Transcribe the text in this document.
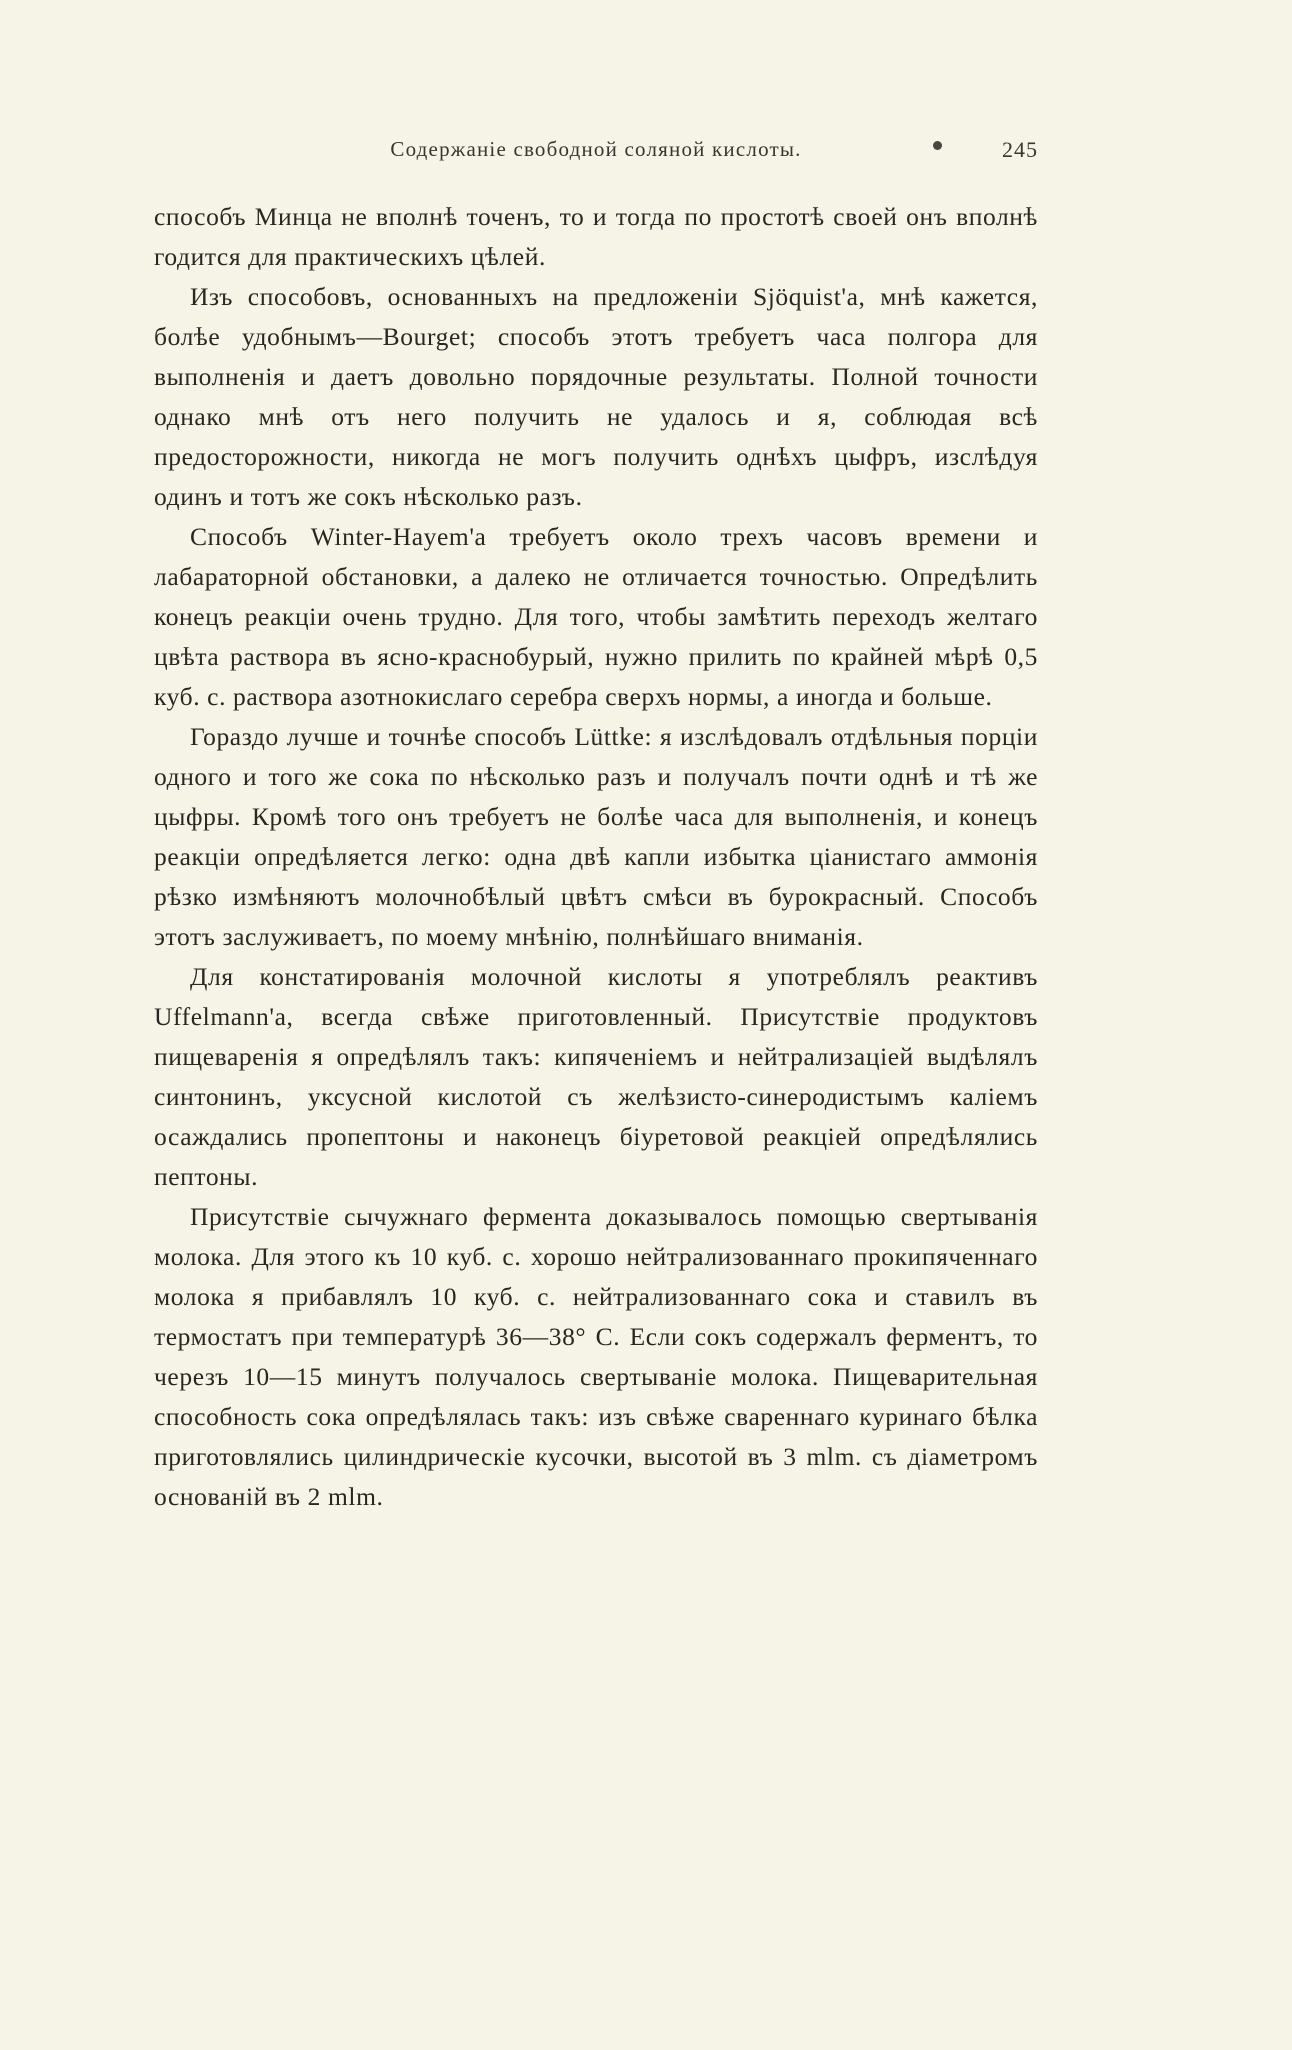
Содержаніе свободной соляной кислоты.	245

способъ Минца не вполнѣ точенъ, то и тогда по простотѣ своей онъ вполнѣ годится для практическихъ цѣлей.

Изъ способовъ, основанныхъ на предложеніи Sjöquist'a, мнѣ кажется, болѣе удобнымъ—Bourget; способъ этотъ требуетъ часа полгора для выполненія и даетъ довольно порядочные результаты. Полной точности однако мнѣ отъ него получить не удалось и я, соблюдая всѣ предосторожности, никогда не могъ получить однѣхъ цыфръ, изслѣдуя одинъ и тотъ же сокъ нѣсколько разъ.

Способъ Winter-Hayem'a требуетъ около трехъ часовъ времени и лабараторной обстановки, а далеко не отличается точностью. Опредѣлить конецъ реакціи очень трудно. Для того, чтобы замѣтить переходъ желтаго цвѣта раствора въ ясно-краснобурый, нужно прилить по крайней мѣрѣ 0,5 куб. с. раствора азотнокислаго серебра сверхъ нормы, а иногда и больше.

Гораздо лучше и точнѣе способъ Lüttke: я изслѣдовалъ отдѣльныя порціи одного и того же сока по нѣсколько разъ и получалъ почти однѣ и тѣ же цыфры. Кромѣ того онъ требуетъ не болѣе часа для выполненія, и конецъ реакціи опредѣляется легко: одна двѣ капли избытка ціанистаго аммонія рѣзко измѣняютъ молочнобѣлый цвѣтъ смѣси въ бурокрасный. Способъ этотъ заслуживаетъ, по моему мнѣнію, полнѣйшаго вниманія.

Для констатированія молочной кислоты я употреблялъ реактивъ Uffelmann'a, всегда свѣже приготовленный. Присутствіе продуктовъ пищеваренія я опредѣлялъ такъ: кипяченіемъ и нейтрализаціей выдѣлялъ синтонинъ, уксусной кислотой съ желѣзисто-синеродистымъ каліемъ осаждались пропептоны и наконецъ біуретовой реакціей опредѣлялись пептоны.

Присутствіе сычужнаго фермента доказывалось помощью свертыванія молока. Для этого къ 10 куб. с. хорошо нейтрализованнаго прокипяченнаго молока я прибавлялъ 10 куб. с. нейтрализованнаго сока и ставилъ въ термостатъ при температурѣ 36—38° С. Если сокъ содержалъ ферментъ, то черезъ 10—15 минутъ получалось свертываніе молока. Пищеварительная способность сока опредѣлялась такъ: изъ свѣже свареннаго куринаго бѣлка приготовлялись цилиндрическіе кусочки, высотой въ 3 mlm. съ діаметромъ основаній въ 2 mlm.
